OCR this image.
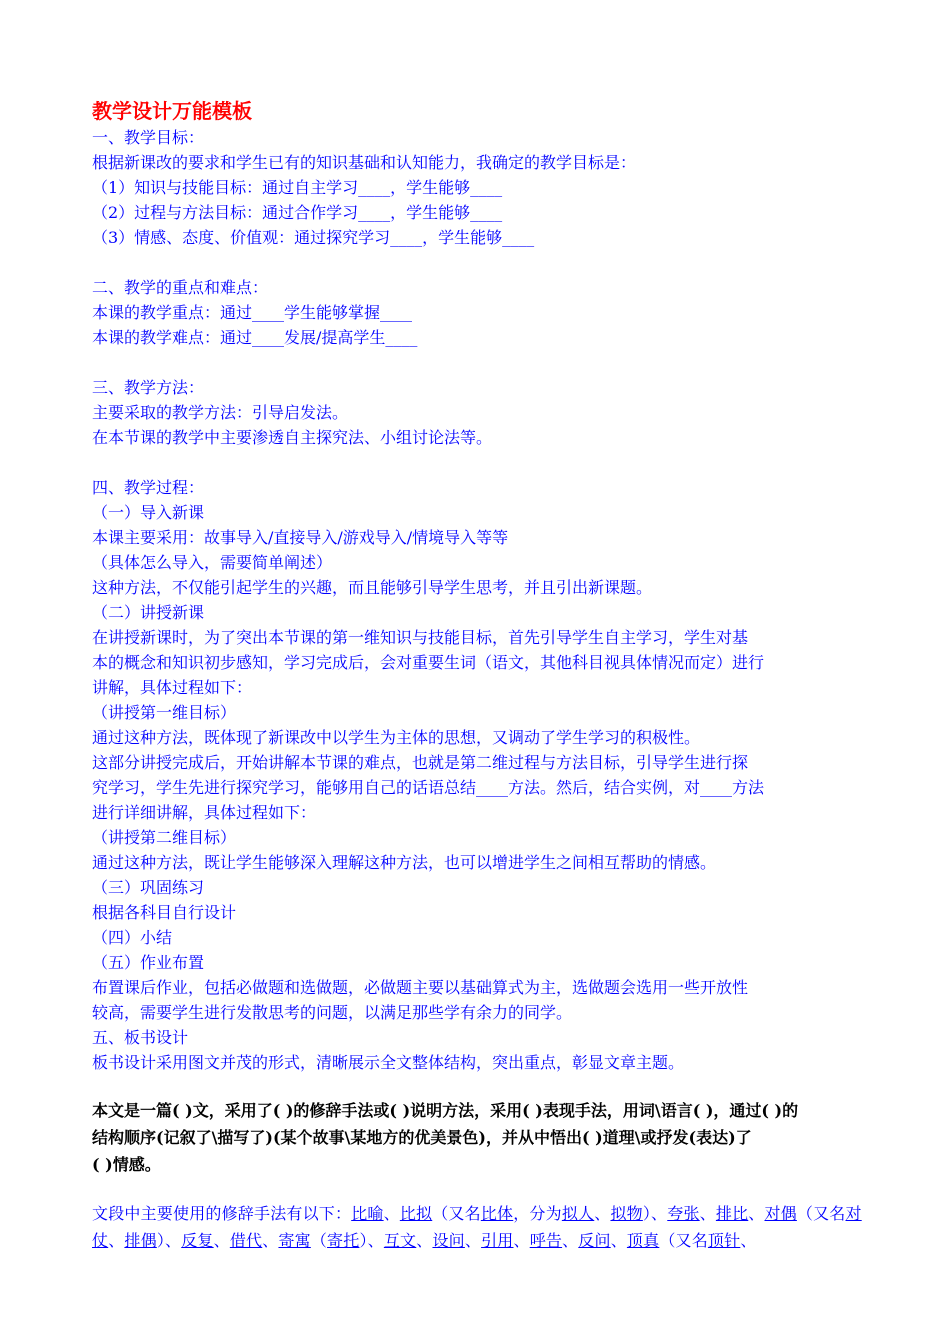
教学设计万能模板

一、教学目标：

根据新课改的要求和学生已有的知识基础和认知能力，我确定的教学目标是：

（1）知识与技能目标：通过自主学习____，学生能够____

（2）过程与方法目标：通过合作学习____，学生能够____

（3）情感、态度、价值观：通过探究学习____，学生能够____

二、教学的重点和难点：

本课的教学重点：通过____学生能够掌握____

本课的教学难点：通过____发展/提高学生____

三、教学方法：

主要采取的教学方法：引导启发法。

在本节课的教学中主要渗透自主探究法、小组讨论法等。

四、教学过程：

（一）导入新课

本课主要采用：故事导入/直接导入/游戏导入/情境导入等等

（具体怎么导入，需要简单阐述）

这种方法，不仅能引起学生的兴趣，而且能够引导学生思考，并且引出新课题。

（二）讲授新课

在讲授新课时，为了突出本节课的第一维知识与技能目标，首先引导学生自主学习，学生对基

本的概念和知识初步感知，学习完成后，会对重要生词（语文，其他科目视具体情况而定）进行

讲解，具体过程如下：

（讲授第一维目标）

通过这种方法，既体现了新课改中以学生为主体的思想，又调动了学生学习的积极性。

这部分讲授完成后，开始讲解本节课的难点，也就是第二维过程与方法目标，引导学生进行探

究学习，学生先进行探究学习，能够用自己的话语总结____方法。然后，结合实例，对____方法

进行详细讲解，具体过程如下：

（讲授第二维目标）

通过这种方法，既让学生能够深入理解这种方法，也可以增进学生之间相互帮助的情感。

（三）巩固练习

根据各科目自行设计

（四）小结

（五）作业布置

布置课后作业，包括必做题和选做题，必做题主要以基础算式为主，选做题会选用一些开放性

较高，需要学生进行发散思考的问题，以满足那些学有余力的同学。

五、板书设计

板书设计采用图文并茂的形式，清晰展示全文整体结构，突出重点，彰显文章主题。

本文是一篇( )文，采用了( )的修辞手法或( )说明方法，采用( )表现手法，用词\语言( )，通过( )的

结构顺序(记叙了\描写了)(某个故事\某地方的优美景色)，并从中悟出( )道理\或抒发(表达)了

( )情感。

文段中主要使用的修辞手法有以下：比喻、比拟（又名比体，分为拟人、拟物）、夸张、排比、对偶（又名对仗、排偶）、反复、借代、寄寓（寄托）、互文、设问、引用、呼告、反问、顶真（又名顶针、
